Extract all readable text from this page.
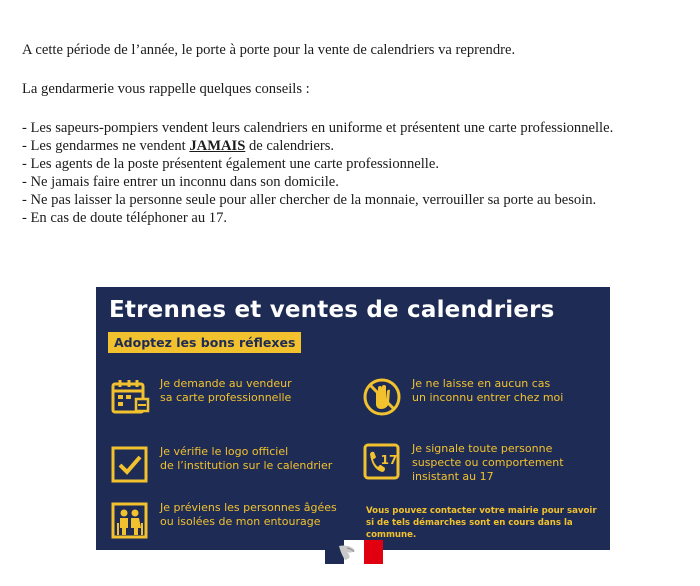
A cette période de l’année, le porte à porte pour la vente de calendriers va reprendre.
La gendarmerie vous rappelle quelques conseils :
- Les sapeurs-pompiers vendent leurs calendriers en uniforme et présentent une carte professionnelle.
- Les gendarmes ne vendent JAMAIS de calendriers.
- Les agents de la poste présentent également une carte professionnelle.
- Ne jamais faire entrer un inconnu dans son domicile.
- Ne pas laisser la personne seule pour aller chercher de la monnaie, verrouiller sa porte au besoin.
- En cas de doute téléphoner au 17.
Etrennes et ventes de calendriers
Adoptez les bons réflexes
Je demande au vendeur
sa carte professionnelle
Je ne laisse en aucun cas
un inconnu entrer chez moi
Je vérifie le logo officiel
de l’institution sur le calendrier	17
Je signale toute personne
suspecte ou comportement
insistant au 17
Je préviens les personnes âgées
ou isolées de mon entourage
Vous pouvez contacter votre mairie pour savoir si de tels démarches sont en cours dans la commune.
